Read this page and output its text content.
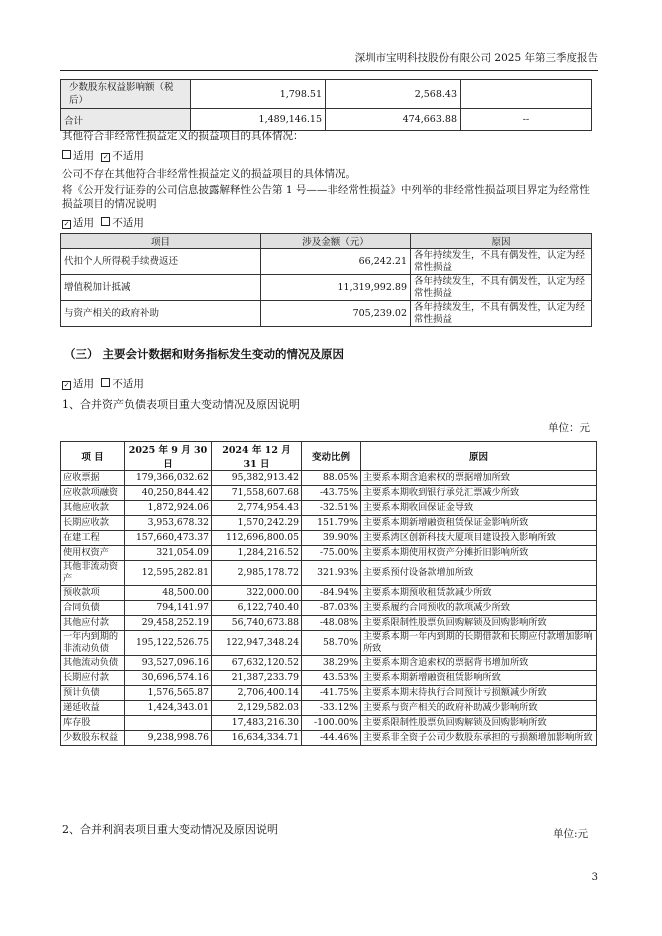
深圳市宝明科技股份有限公司 2025 年第三季度报告
少数股东权益影响额（税后）	1,798.51	2,568.43	
合计	1,489,146.15	474,663.88	--
其他符合非经常性损益定义的损益项目的具体情况：
适用 ✓ 不适用
公司不存在其他符合非经常性损益定义的损益项目的具体情况。
将《公开发行证券的公司信息披露解释性公告第 1 号——非经常性损益》中列举的非经常性损益项目界定为经常性损益项目的情况说明
✓ 适用 不适用
项目	涉及金额（元）	原因
代扣个人所得税手续费返还	66,242.21	各年持续发生，不具有偶发性，认定为经常性损益
增值税加计抵减	11,319,992.89	各年持续发生，不具有偶发性，认定为经常性损益
与资产相关的政府补助	705,239.02	各年持续发生，不具有偶发性，认定为经常性损益
（三） 主要会计数据和财务指标发生变动的情况及原因
✓ 适用 不适用
1、合并资产负债表项目重大变动情况及原因说明
单位：元
项 目	2025 年 9 月 30 日	2024 年 12 月 31 日	变动比例	原因
应收票据	179,366,032.62	95,382,913.42	88.05%	主要系本期含追索权的票据增加所致
应收款项融资	40,250,844.42	71,558,607.68	-43.75%	主要系本期收到银行承兑汇票减少所致
其他应收款	1,872,924.06	2,774,954.43	-32.51%	主要系本期收回保证金导致
长期应收款	3,953,678.32	1,570,242.29	151.79%	主要系本期新增融资租赁保证金影响所致
在建工程	157,660,473.37	112,696,800.05	39.90%	主要系湾区创新科技大厦项目建设投入影响所致
使用权资产	321,054.09	1,284,216.52	-75.00%	主要系本期使用权资产分摊折旧影响所致
其他非流动资产	12,595,282.81	2,985,178.72	321.93%	主要系预付设备款增加所致
预收款项	48,500.00	322,000.00	-84.94%	主要系本期预收租赁款减少所致
合同负债	794,141.97	6,122,740.40	-87.03%	主要系履约合同预收的款项减少所致
其他应付款	29,458,252.19	56,740,673.88	-48.08%	主要系限制性股票负回购解锁及回购影响所致
一年内到期的非流动负债	195,122,526.75	122,947,348.24	58.70%	主要系本期一年内到期的长期借款和长期应付款增加影响所致
其他流动负债	93,527,096.16	67,632,120.52	38.29%	主要系本期含追索权的票据背书增加所致
长期应付款	30,696,574.16	21,387,233.79	43.53%	主要系本期新增融资租赁影响所致
预计负债	1,576,565.87	2,706,400.14	-41.75%	主要系本期末待执行合同预计亏损额减少所致
递延收益	1,424,343.01	2,129,582.03	-33.12%	主要系与资产相关的政府补助减少影响所致
库存股		17,483,216.30	-100.00%	主要系限制性股票负回购解锁及回购影响所致
少数股东权益	9,238,998.76	16,634,334.71	-44.46%	主要系非全资子公司少数股东承担的亏损额增加影响所致
2、合并利润表项目重大变动情况及原因说明	单位:元
3
